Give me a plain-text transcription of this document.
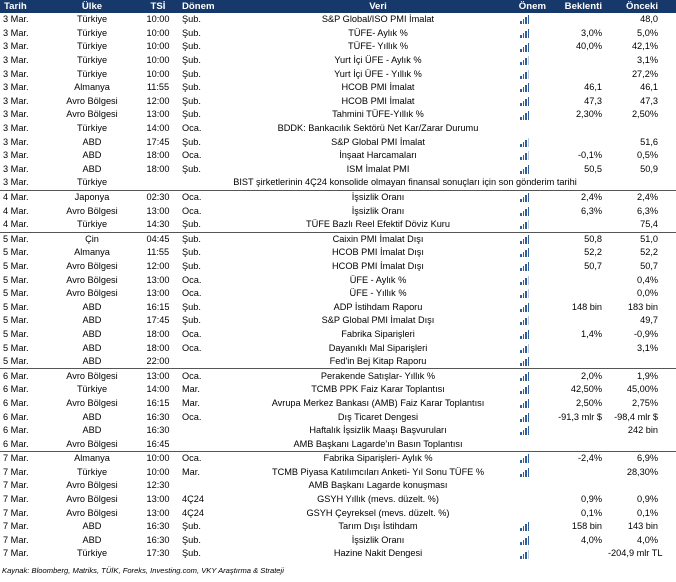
Tarih	Ülke	TSİ	Dönem	Veri	Önem	Beklenti	Önceki
3 Mar.	Türkiye	10:00	Şub.	S&P Global/ISO PMI İmalat			48,0
3 Mar.	Türkiye	10:00	Şub.	TÜFE- Aylık %		3,0%	5,0%
3 Mar.	Türkiye	10:00	Şub.	TÜFE- Yıllık %		40,0%	42,1%
3 Mar.	Türkiye	10:00	Şub.	Yurt İçi ÜFE - Aylık %			3,1%
3 Mar.	Türkiye	10:00	Şub.	Yurt İçi ÜFE - Yıllık %			27,2%
3 Mar.	Almanya	11:55	Şub.	HCOB PMI İmalat		46,1	46,1
3 Mar.	Avro Bölgesi	12:00	Şub.	HCOB PMI İmalat		47,3	47,3
3 Mar.	Avro Bölgesi	13:00	Şub.	Tahmini TÜFE-Yıllık %		2,30%	2,50%
3 Mar.	Türkiye	14:00	Oca.	BDDK: Bankacılık Sektörü Net Kar/Zarar Durumu			
3 Mar.	ABD	17:45	Şub.	S&P Global PMI İmalat			51,6
3 Mar.	ABD	18:00	Oca.	İnşaat Harcamaları		-0,1%	0,5%
3 Mar.	ABD	18:00	Şub.	ISM İmalat PMI		50,5	50,9
3 Mar.	Türkiye	BIST şirketlerinin 4Ç24 konsolide olmayan finansal sonuçları için son gönderim tarihi					
4 Mar.	Japonya	02:30	Oca.	İşsizlik Oranı		2,4%	2,4%
4 Mar.	Avro Bölgesi	13:00	Oca.	İşsizlik Oranı		6,3%	6,3%
4 Mar.	Türkiye	14:30	Şub.	TÜFE Bazlı Reel Efektif Döviz Kuru			75,4
5 Mar.	Çin	04:45	Şub.	Caixin PMI İmalat Dışı		50,8	51,0
5 Mar.	Almanya	11:55	Şub.	HCOB PMI İmalat Dışı		52,2	52,2
5 Mar.	Avro Bölgesi	12:00	Şub.	HCOB PMI İmalat Dışı		50,7	50,7
5 Mar.	Avro Bölgesi	13:00	Oca.	ÜFE - Aylık %			0,4%
5 Mar.	Avro Bölgesi	13:00	Oca.	ÜFE - Yıllık %			0,0%
5 Mar.	ABD	16:15	Şub.	ADP İstihdam Raporu		148 bin	183 bin
5 Mar.	ABD	17:45	Şub.	S&P Global PMI İmalat Dışı			49,7
5 Mar.	ABD	18:00	Oca.	Fabrika Siparişleri		1,4%	-0,9%
5 Mar.	ABD	18:00	Oca.	Dayanıklı Mal Siparişleri			3,1%
5 Mar.	ABD	22:00		Fed'in Bej Kitap Raporu	

6 Mar.	Avro Bölgesi	13:00	Oca.	Perakende Satışlar- Yıllık %		2,0%	1,9%
6 Mar.	Türkiye	14:00	Mar.	TCMB PPK Faiz Karar Toplantısı		42,50%	45,00%
6 Mar.	Avro Bölgesi	16:15	Mar.	Avrupa Merkez Bankası (AMB) Faiz Karar Toplantısı		2,50%	2,75%
6 Mar.	ABD	16:30	Oca.	Dış Ticaret Dengesi		-91,3 mlr $	-98,4 mlr $
6 Mar.	ABD	16:30		Haftalık İşsizlik Maaşı Başvuruları			242 bin
6 Mar.	Avro Bölgesi	16:45		AMB Başkanı Lagarde'ın Basın Toplantısı			
7 Mar.	Almanya	10:00	Oca.	Fabrika Siparişleri- Aylık %		-2,4%	6,9%
7 Mar.	Türkiye	10:00	Mar.	TCMB Piyasa Katılımcıları Anketi- Yıl Sonu TÜFE %			28,30%
7 Mar.	Avro Bölgesi	12:30		AMB Başkanı Lagarde konuşması			
7 Mar.	Avro Bölgesi	13:00	4Ç24	GSYH Yıllık (mevs. düzelt. %)		0,9%	0,9%
7 Mar.	Avro Bölgesi	13:00	4Ç24	GSYH Çeyreksel (mevs. düzelt. %)		0,1%	0,1%
7 Mar.	ABD	16:30	Şub.	Tarım Dışı İstihdam		158 bin	143 bin
7 Mar.	ABD	16:30	Şub.	İşsizlik Oranı		4,0%	4,0%
7 Mar.	Türkiye	17:30	Şub.	Hazine Nakit Dengesi			-204,9 mlr TL
Kaynak: Bloomberg, Matriks, TÜİK, Foreks, Investing.com, VKY Araştırma & Strateji
